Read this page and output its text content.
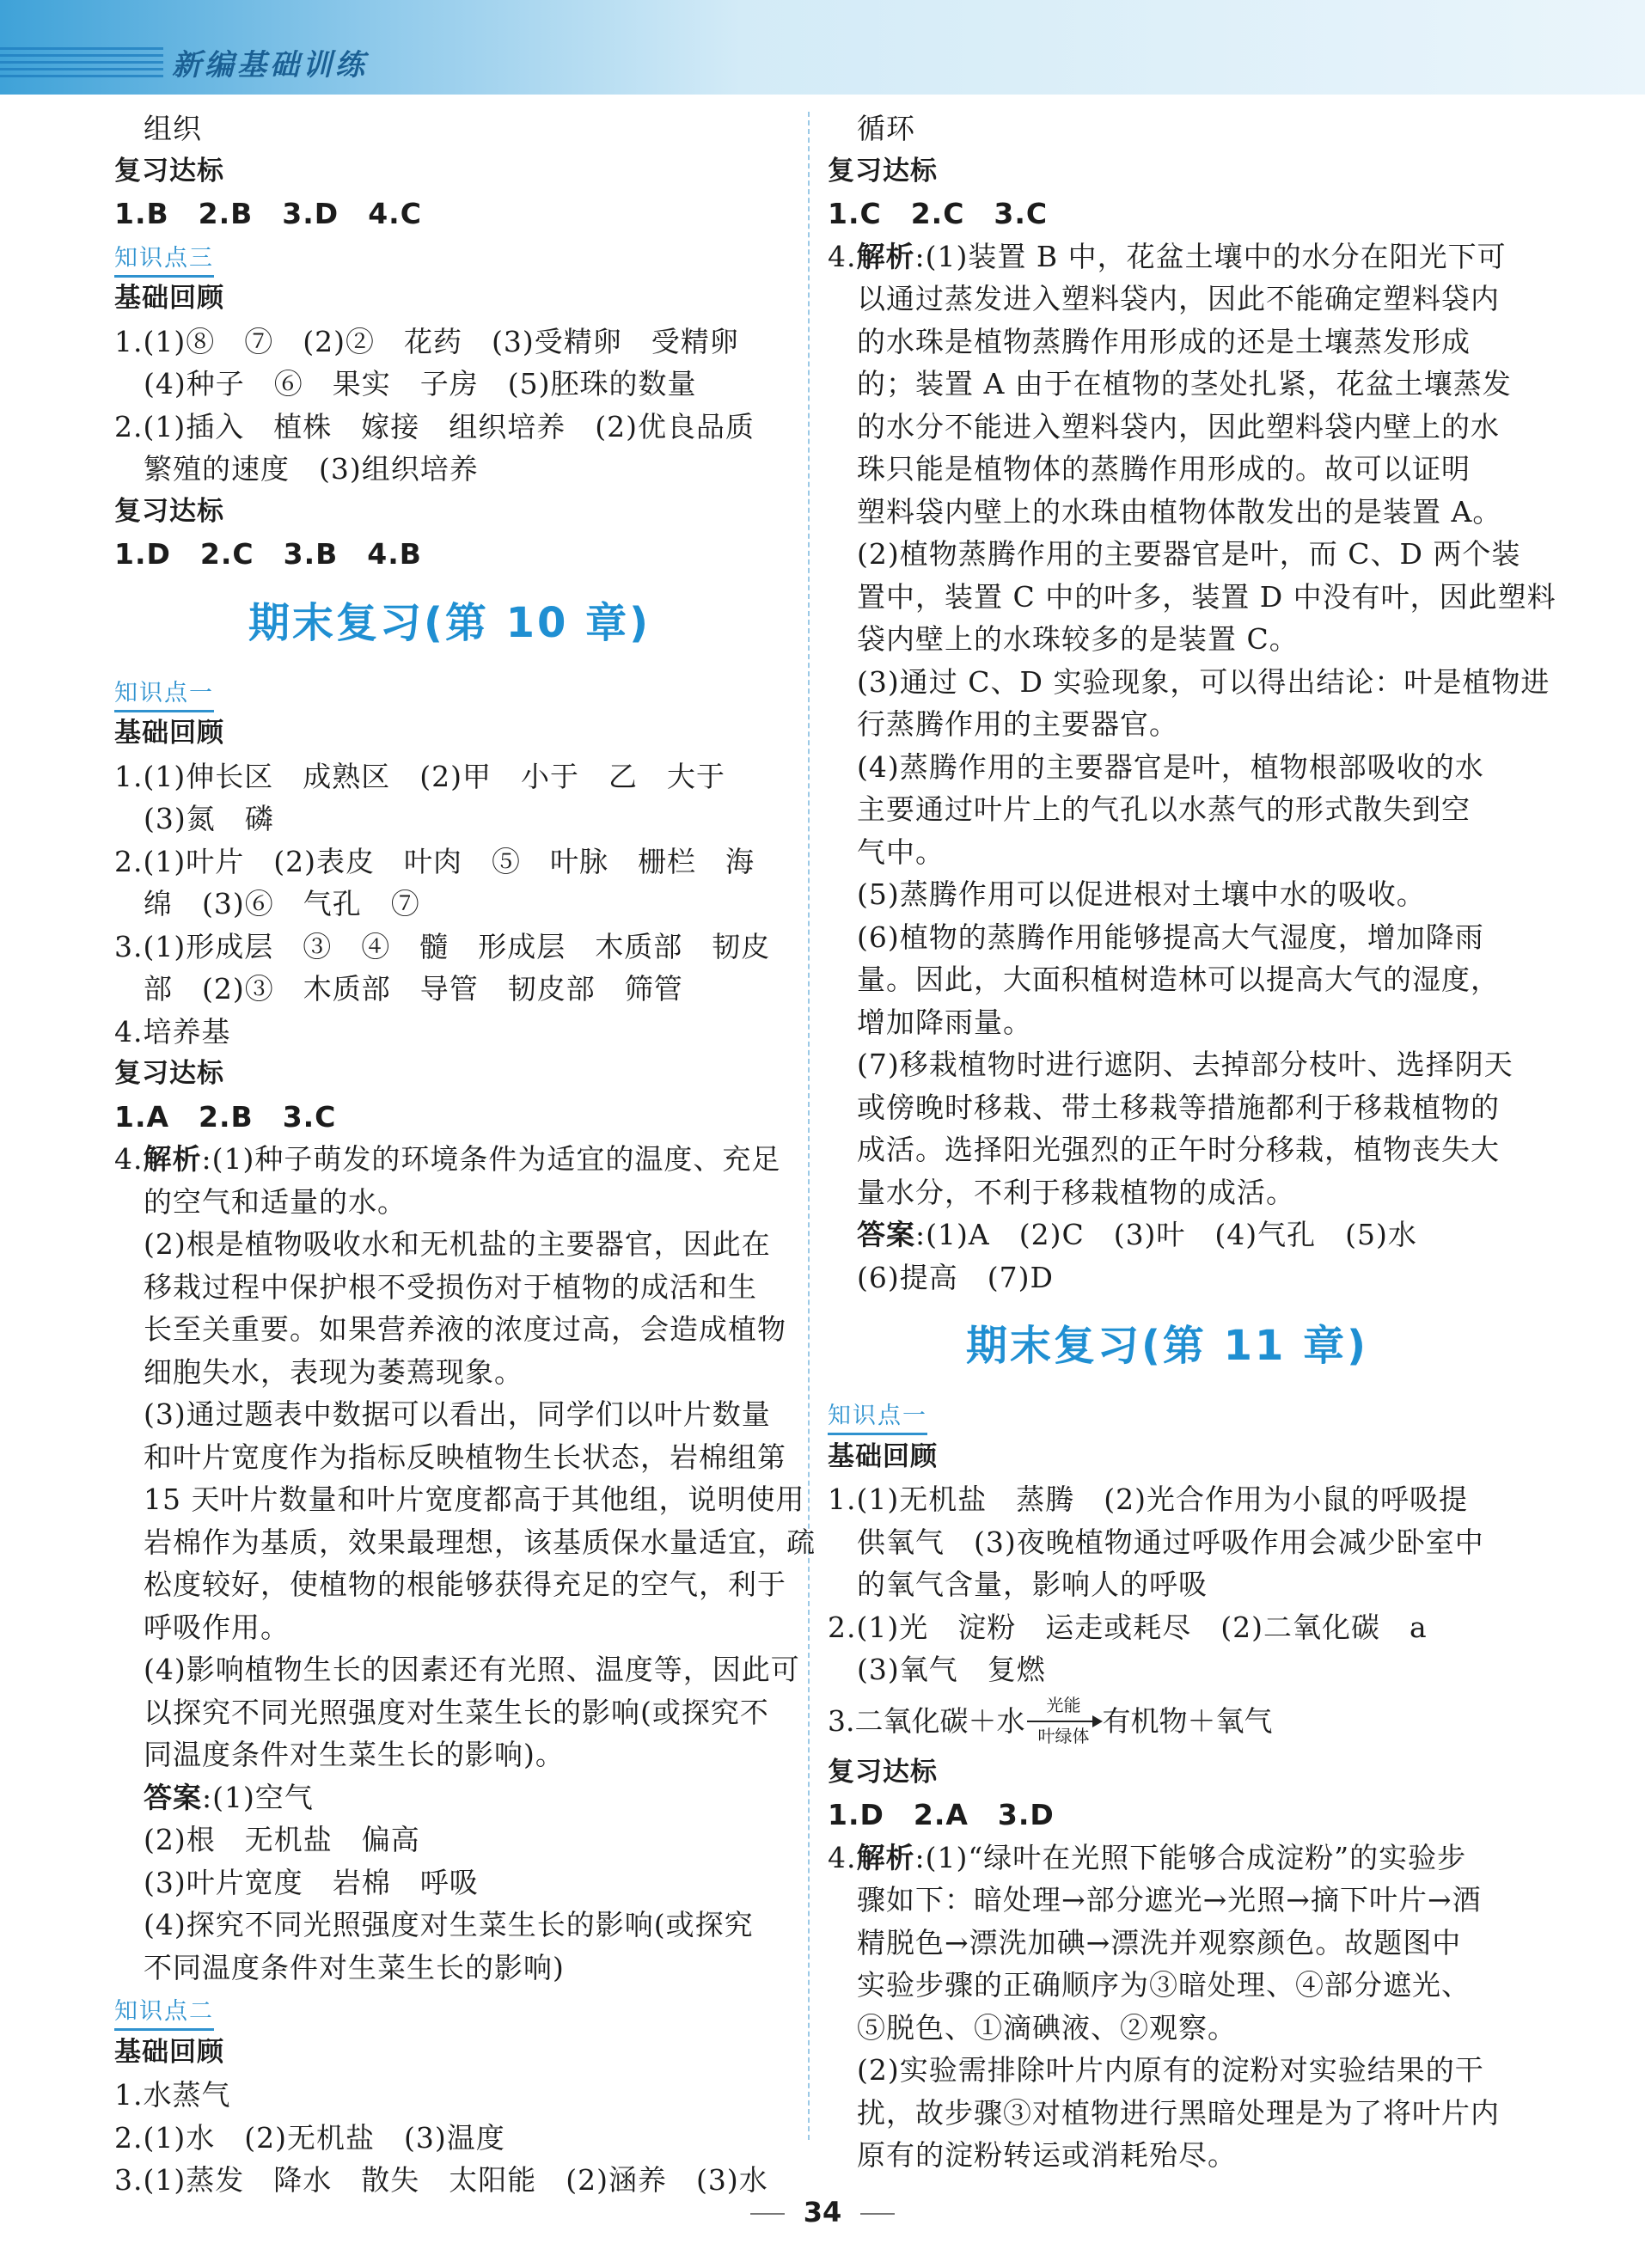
新编基础训练
组织
复习达标
1.B　2.B　3.D　4.C
知识点三
基础回顾
1.(1)⑧　⑦　(2)②　花药　(3)受精卵　受精卵
(4)种子　⑥　果实　子房　(5)胚珠的数量
2.(1)插入　植株　嫁接　组织培养　(2)优良品质
繁殖的速度　(3)组织培养
复习达标
1.D　2.C　3.B　4.B
期末复习(第 10 章)
知识点一
基础回顾
1.(1)伸长区　成熟区　(2)甲　小于　乙　大于
(3)氮　磷
2.(1)叶片　(2)表皮　叶肉　⑤　叶脉　栅栏　海
绵　(3)⑥　气孔　⑦
3.(1)形成层　③　④　髓　形成层　木质部　韧皮
部　(2)③　木质部　导管　韧皮部　筛管
4.培养基
复习达标
1.A　2.B　3.C
4.解析:(1)种子萌发的环境条件为适宜的温度、充足
的空气和适量的水。
(2)根是植物吸收水和无机盐的主要器官，因此在
移栽过程中保护根不受损伤对于植物的成活和生
长至关重要。如果营养液的浓度过高，会造成植物
细胞失水，表现为萎蔫现象。
(3)通过题表中数据可以看出，同学们以叶片数量
和叶片宽度作为指标反映植物生长状态，岩棉组第
15 天叶片数量和叶片宽度都高于其他组，说明使用
岩棉作为基质，效果最理想，该基质保水量适宜，疏
松度较好，使植物的根能够获得充足的空气，利于
呼吸作用。
(4)影响植物生长的因素还有光照、温度等，因此可
以探究不同光照强度对生菜生长的影响(或探究不
同温度条件对生菜生长的影响)。
答案:(1)空气
(2)根　无机盐　偏高
(3)叶片宽度　岩棉　呼吸
(4)探究不同光照强度对生菜生长的影响(或探究
不同温度条件对生菜生长的影响)
知识点二
基础回顾
1.水蒸气
2.(1)水　(2)无机盐　(3)温度
3.(1)蒸发　降水　散失　太阳能　(2)涵养　(3)水
循环
复习达标
1.C　2.C　3.C
4.解析:(1)装置 B 中，花盆土壤中的水分在阳光下可
以通过蒸发进入塑料袋内，因此不能确定塑料袋内
的水珠是植物蒸腾作用形成的还是土壤蒸发形成
的；装置 A 由于在植物的茎处扎紧，花盆土壤蒸发
的水分不能进入塑料袋内，因此塑料袋内壁上的水
珠只能是植物体的蒸腾作用形成的。故可以证明
塑料袋内壁上的水珠由植物体散发出的是装置 A。
(2)植物蒸腾作用的主要器官是叶，而 C、D 两个装
置中，装置 C 中的叶多，装置 D 中没有叶，因此塑料
袋内壁上的水珠较多的是装置 C。
(3)通过 C、D 实验现象，可以得出结论：叶是植物进
行蒸腾作用的主要器官。
(4)蒸腾作用的主要器官是叶，植物根部吸收的水
主要通过叶片上的气孔以水蒸气的形式散失到空
气中。
(5)蒸腾作用可以促进根对土壤中水的吸收。
(6)植物的蒸腾作用能够提高大气湿度，增加降雨
量。因此，大面积植树造林可以提高大气的湿度，
增加降雨量。
(7)移栽植物时进行遮阴、去掉部分枝叶、选择阴天
或傍晚时移栽、带土移栽等措施都利于移栽植物的
成活。选择阳光强烈的正午时分移栽，植物丧失大
量水分，不利于移栽植物的成活。
答案:(1)A　(2)C　(3)叶　(4)气孔　(5)水
(6)提高　(7)D
期末复习(第 11 章)
知识点一
基础回顾
1.(1)无机盐　蒸腾　(2)光合作用为小鼠的呼吸提
供氧气　(3)夜晚植物通过呼吸作用会减少卧室中
的氧气含量，影响人的呼吸
2.(1)光　淀粉　运走或耗尽　(2)二氧化碳　a
(3)氧气　复燃
3.二氧化碳＋水	光能
叶绿体 有机物＋氧气
复习达标
1.D　2.A　3.D
4.解析:(1)“绿叶在光照下能够合成淀粉”的实验步
骤如下：暗处理→部分遮光→光照→摘下叶片→酒
精脱色→漂洗加碘→漂洗并观察颜色。故题图中
实验步骤的正确顺序为③暗处理、④部分遮光、
⑤脱色、①滴碘液、②观察。
(2)实验需排除叶片内原有的淀粉对实验结果的干
扰，故步骤③对植物进行黑暗处理是为了将叶片内
原有的淀粉转运或消耗殆尽。
34
